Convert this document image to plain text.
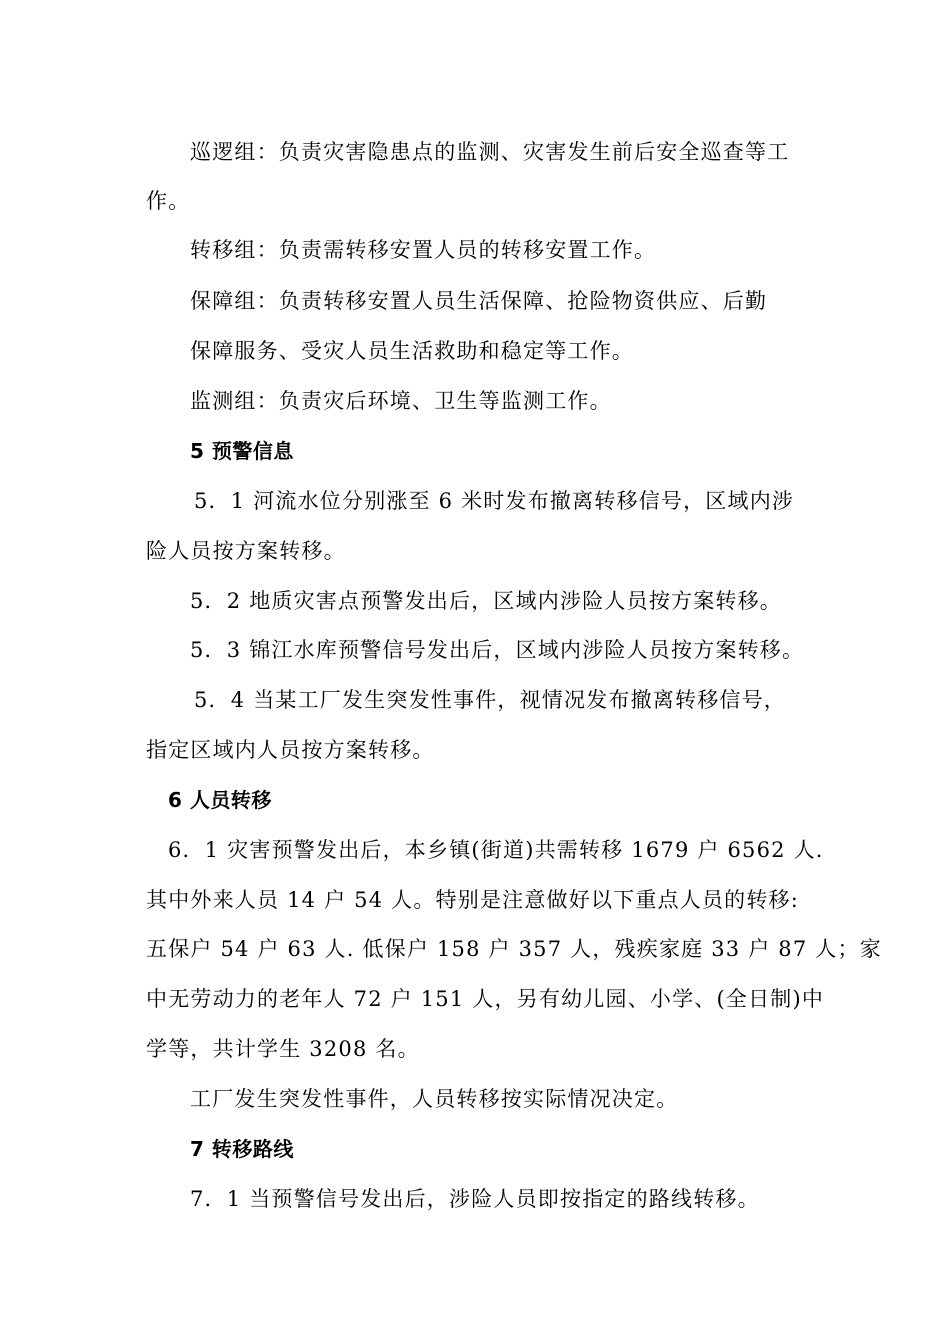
巡逻组：负责灾害隐患点的监测、灾害发生前后安全巡查等工
作。
转移组：负责需转移安置人员的转移安置工作。
保障组：负责转移安置人员生活保障、抢险物资供应、后勤
保障服务、受灾人员生活救助和稳定等工作。
监测组：负责灾后环境、卫生等监测工作。
5 预警信息
5．1 河流水位分别涨至 6 米时发布撤离转移信号，区域内涉
险人员按方案转移。
5．2 地质灾害点预警发出后，区域内涉险人员按方案转移。
5．3 锦江水库预警信号发出后，区域内涉险人员按方案转移。
5．4 当某工厂发生突发性事件，视情况发布撤离转移信号，
指定区域内人员按方案转移。
6 人员转移
6．1 灾害预警发出后，本乡镇(街道)共需转移 1679 户 6562 人.
其中外来人员 14 户 54 人。特别是注意做好以下重点人员的转移:
五保户 54 户 63 人. 低保户 158 户 357 人，残疾家庭 33 户 87 人；家
中无劳动力的老年人 72 户 151 人，另有幼儿园、小学、(全日制)中
学等，共计学生 3208 名。
工厂发生突发性事件，人员转移按实际情况决定。
7 转移路线
7．1 当预警信号发出后，涉险人员即按指定的路线转移。
